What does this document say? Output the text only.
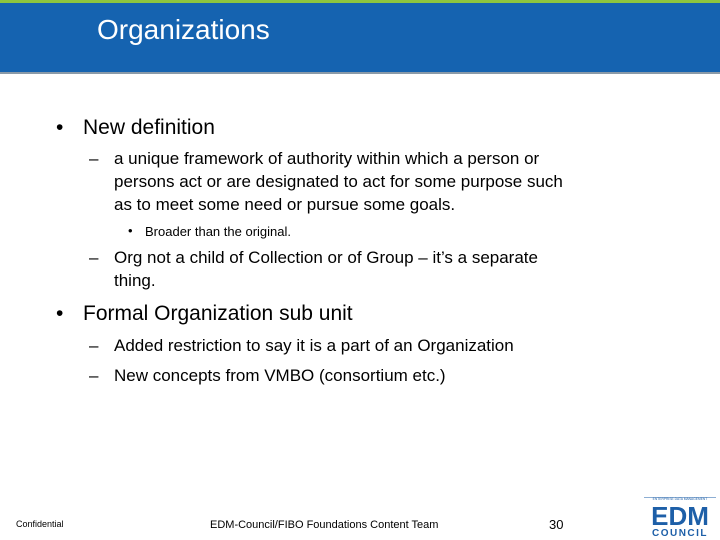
Organizations
• New definition
– a unique framework of authority within which a person or
persons act or are designated to act for some purpose such
as to meet some need or pursue some goals.
• Broader than the original.
– Org not a child of Collection or of Group – it’s a separate
thing.
• Formal Organization sub unit
– Added restriction to say it is a part of an Organization
– New concepts from VMBO (consortium etc.)
Confidential	EDM-Council/FIBO Foundations Content Team	30
ENTERPRISE DATA MANAGEMENT
EDM
COUNCIL
